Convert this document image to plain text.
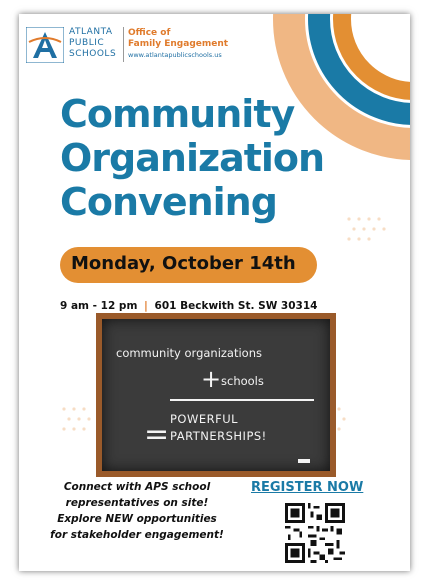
ATLANTA
PUBLIC
SCHOOLS
Office of
Family Engagement
www.atlantapublicschools.us
Community
Organization
Convening
Monday, October 14th
9 am - 12 pm | 601 Beckwith St. SW 30314
community organizations
+ schools
= POWERFUL
PARTNERSHIPS!
Connect with APS school
representatives on site!
Explore NEW opportunities
for stakeholder engagement!
REGISTER NOW
